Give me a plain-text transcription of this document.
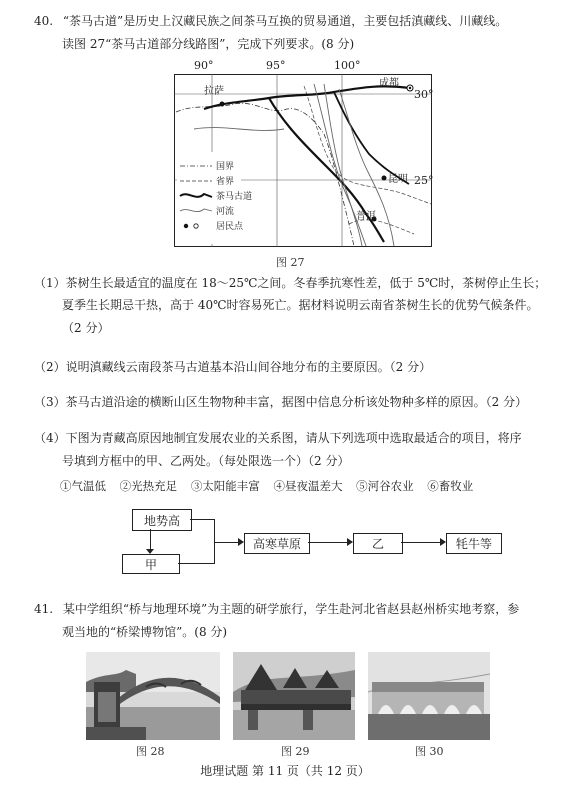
40. “茶马古道”是历史上汉藏民族之间茶马互换的贸易通道，主要包括滇藏线、川藏线。
读图 27“茶马古道部分线路图”，完成下列要求。(8 分)
90°	95°	100°
30°
25°
拉萨
成都
昆明
普洱
国界
省界
茶马古道
河流
居民点
图 27
（1）茶树生长最适宜的温度在 18～25℃之间。冬春季抗寒性差，低于 5℃时，茶树停止生长；
夏季生长期忌干热，高于 40℃时容易死亡。据材料说明云南省茶树生长的优势气候条件。
（2 分）
（2）说明滇藏线云南段茶马古道基本沿山间谷地分布的主要原因。（2 分）
（3）茶马古道沿途的横断山区生物物种丰富，据图中信息分析该处物种多样的原因。（2 分）
（4）下图为青藏高原因地制宜发展农业的关系图，请从下列选项中选取最适合的项目，将序
号填到方框中的甲、乙两处。（每处限选一个）（2 分）
①气温低 ②光热充足 ③太阳能丰富 ④昼夜温差大 ⑤河谷农业 ⑥畜牧业
地势高
甲
高寒草原	乙	牦牛等
41. 某中学组织“桥与地理环境”为主题的研学旅行，学生赴河北省赵县赵州桥实地考察，参
观当地的“桥梁博物馆”。(8 分)
图 28	图 29	图 30
地理试题 第 11 页（共 12 页）
